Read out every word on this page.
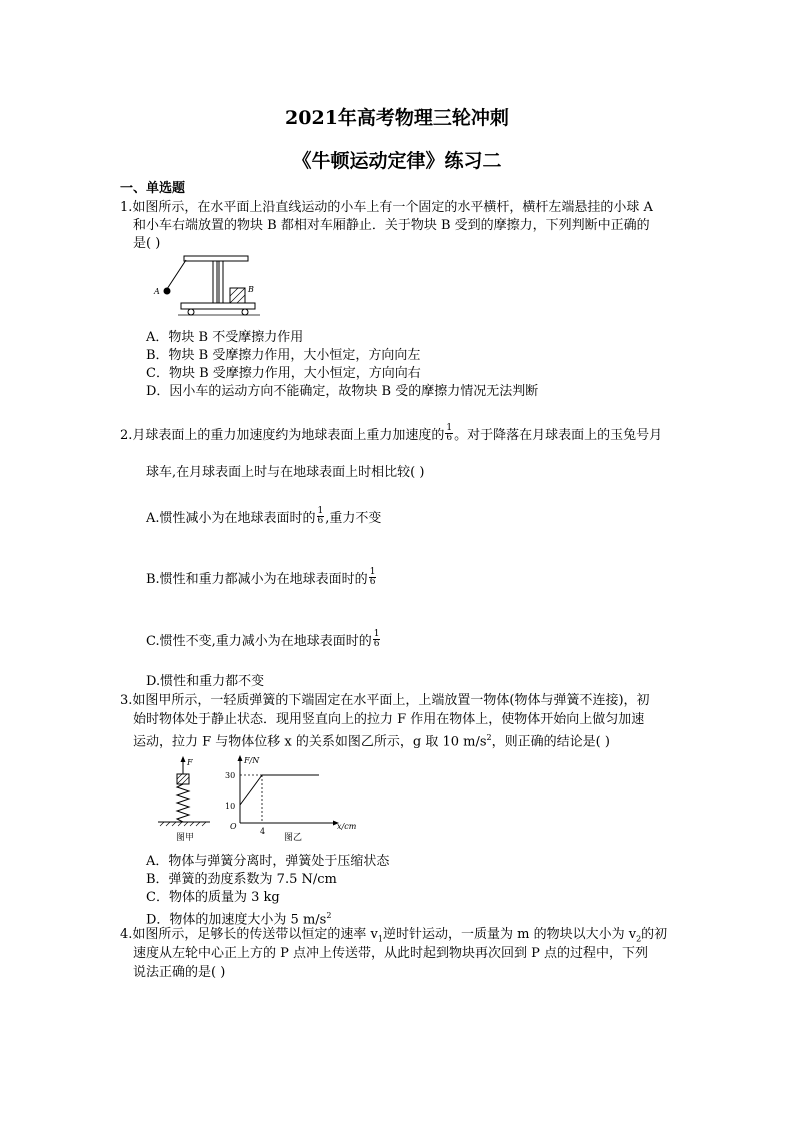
2021年高考物理三轮冲刺
《牛顿运动定律》练习二
一、单选题
1.如图所示，在水平面上沿直线运动的小车上有一个固定的水平横杆，横杆左端悬挂的小球 A
和小车右端放置的物块 B 都相对车厢静止．关于物块 B 受到的摩擦力，下列判断中正确的
是( )
A	B
A．物块 B 不受摩擦力作用
B．物块 B 受摩擦力作用，大小恒定，方向向左
C．物块 B 受摩擦力作用，大小恒定，方向向右
D．因小车的运动方向不能确定，故物块 B 受的摩擦力情况无法判断
2.月球表面上的重力加速度约为地球表面上重力加速度的 $\frac{1}{6}$ 。对于降落在月球表面上的玉兔号月
球车,在月球表面上时与在地球表面上时相比较( )
A.惯性减小为在地球表面时的 $\frac{1}{6}$ ,重力不变
B.惯性和重力都减小为在地球表面时的 $\frac{1}{6}$
C.惯性不变,重力减小为在地球表面时的 $\frac{1}{6}$
D.惯性和重力都不变
3.如图甲所示，一轻质弹簧的下端固定在水平面上，上端放置一物体(物体与弹簧不连接)，初
始时物体处于静止状态．现用竖直向上的拉力 F 作用在物体上，使物体开始向上做匀加速
运动，拉力 F 与物体位移 x 的关系如图乙所示，g 取 10 $m/s^2$，则正确的结论是( )
F
图甲
F/N
30
10
O
4
x/cm
图乙
A．物体与弹簧分离时，弹簧处于压缩状态
B．弹簧的劲度系数为 7.5 N/cm
C．物体的质量为 3 kg
D．物体的加速度大小为 5 $m/s^2$
4.如图所示，足够长的传送带以恒定的速率 $v_1$逆时针运动，一质量为 m 的物块以大小为 $v_2$的初
速度从左轮中心正上方的 P 点冲上传送带，从此时起到物块再次回到 P 点的过程中，下列
说法正确的是( )
